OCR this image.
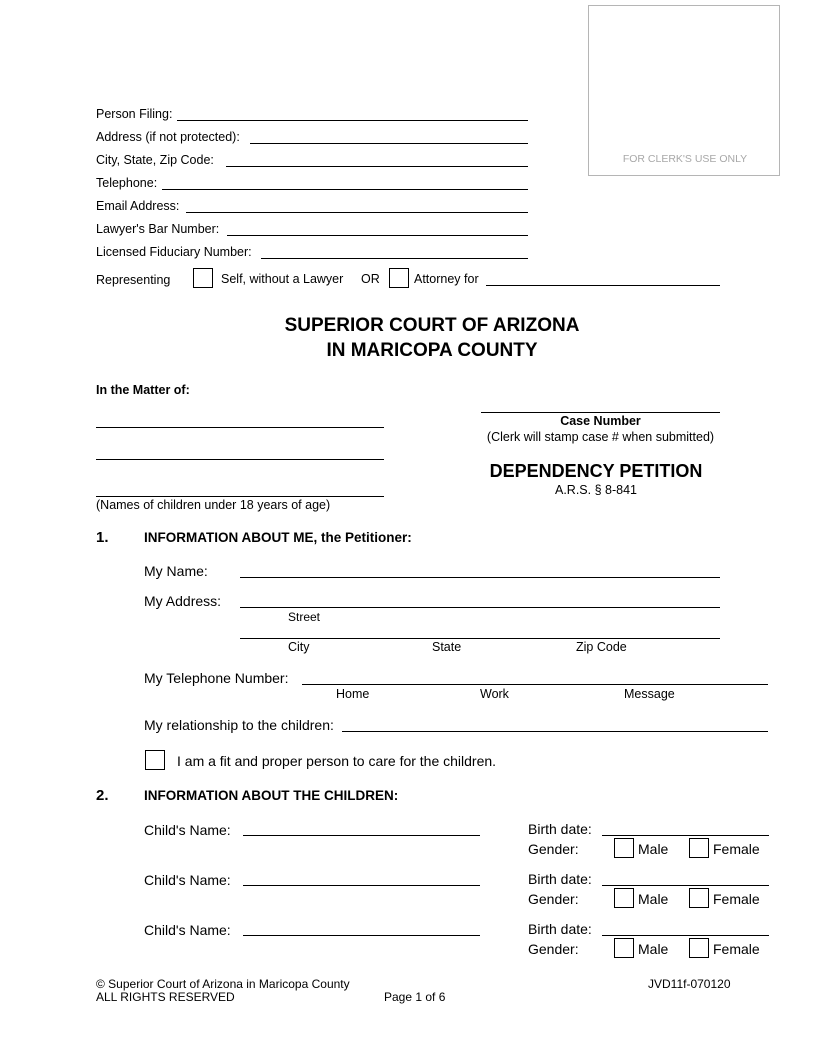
FOR CLERK'S USE ONLY
Person Filing:
Address (if not protected):
City, State, Zip Code:
Telephone:
Email Address:
Lawyer's Bar Number:
Licensed Fiduciary Number:
Representing	Self, without a Lawyer OR	Attorney for
SUPERIOR COURT OF ARIZONA
IN MARICOPA COUNTY
In the Matter of:
(Names of children under 18 years of age)
Case Number
(Clerk will stamp case # when submitted)
DEPENDENCY PETITION
A.R.S. § 8-841
1.	INFORMATION ABOUT ME, the Petitioner:
My Name:
My Address:
Street
City	State	Zip Code
My Telephone Number:
Home	Work	Message
My relationship to the children:
I am a fit and proper person to care for the children.
2.	INFORMATION ABOUT THE CHILDREN:
Child's Name:	Birth date:
Gender:	Male	Female
Child's Name:	Birth date:
Gender:	Male	Female
Child's Name:	Birth date:
Gender:	Male	Female
© Superior Court of Arizona in Maricopa County
ALL RIGHTS RESERVED	Page 1 of 6
JVD11f-070120
